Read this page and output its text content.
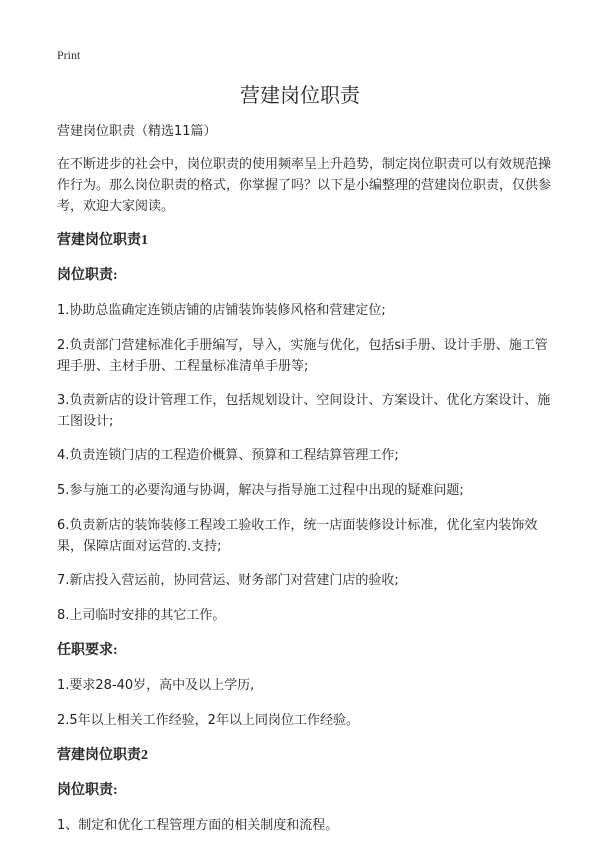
Print
营建岗位职责

营建岗位职责（精选11篇）

在不断进步的社会中，岗位职责的使用频率呈上升趋势，制定岗位职责可以有效规范操作行为。那么岗位职责的格式，你掌握了吗？以下是小编整理的营建岗位职责，仅供参考，欢迎大家阅读。

营建岗位职责1

岗位职责:

1.协助总监确定连锁店铺的店铺装饰装修风格和营建定位;

2.负责部门营建标准化手册编写，导入，实施与优化，包括si手册、设计手册、施工管理手册、主材手册、工程量标准清单手册等;

3.负责新店的设计管理工作，包括规划设计、空间设计、方案设计、优化方案设计、施工图设计;

4.负责连锁门店的工程造价概算、预算和工程结算管理工作;

5.参与施工的必要沟通与协调，解决与指导施工过程中出现的疑难问题;

6.负责新店的装饰装修工程竣工验收工作，统一店面装修设计标准，优化室内装饰效果，保障店面对运营的.支持;

7.新店投入营运前，协同营运、财务部门对营建门店的验收;

8.上司临时安排的其它工作。

任职要求:

1.要求28-40岁，高中及以上学历,

2.5年以上相关工作经验，2年以上同岗位工作经验。

营建岗位职责2

岗位职责:

1、制定和优化工程管理方面的相关制度和流程。
